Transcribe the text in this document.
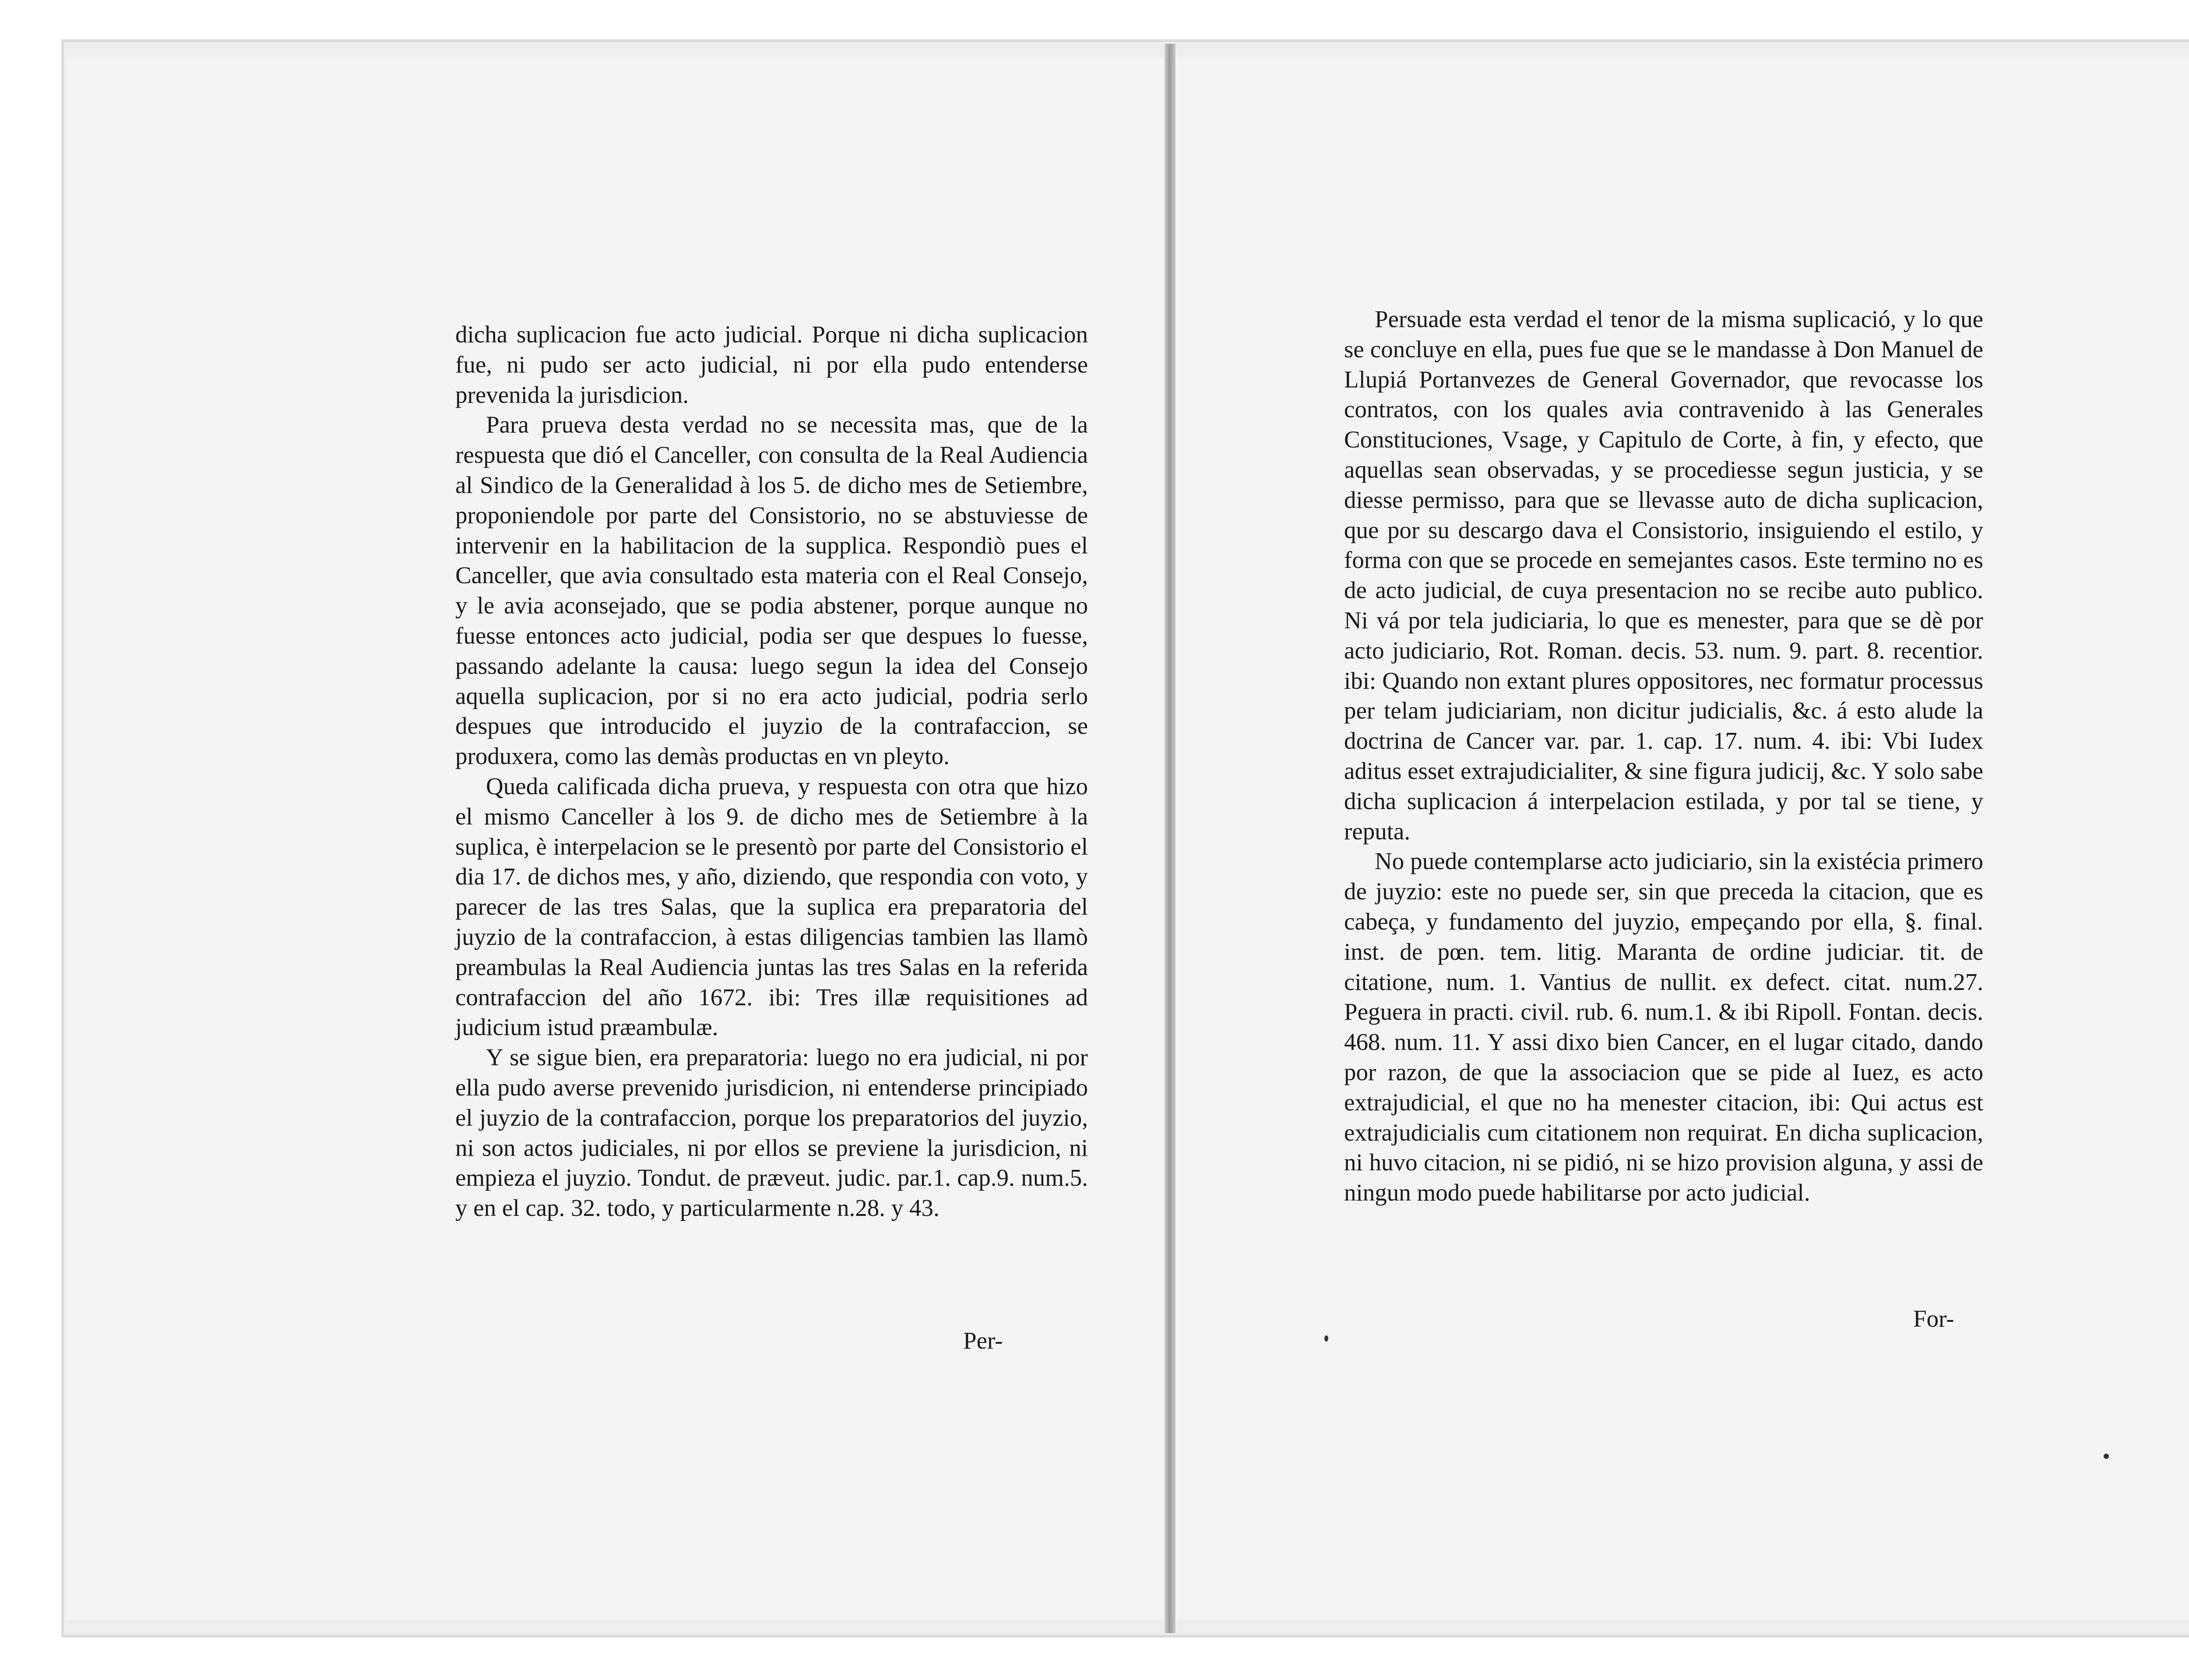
dicha suplicacion fue acto judicial. Porque ni dicha suplicacion fue, ni pudo ser acto judicial, ni por ella pudo entenderse prevenida la jurisdicion.

Para prueva desta verdad no se necessita mas, que de la respuesta que dió el Canceller, con consulta de la Real Audiencia al Sindico de la Generalidad à los 5. de dicho mes de Setiembre, proponiendole por parte del Consistorio, no se abstuviesse de intervenir en la habilitacion de la supplica. Respondiò pues el Canceller, que avia consultado esta materia con el Real Consejo, y le avia aconsejado, que se podia abstener, porque aunque no fuesse entonces acto judicial, podia ser que despues lo fuesse, passando adelante la causa: luego segun la idea del Consejo aquella suplicacion, por si no era acto judicial, podria serlo despues que introducido el juyzio de la contrafaccion, se produxera, como las demàs productas en vn pleyto.

Queda calificada dicha prueva, y respuesta con otra que hizo el mismo Canceller à los 9. de dicho mes de Setiembre à la suplica, è interpelacion se le presentò por parte del Consistorio el dia 17. de dichos mes, y año, diziendo, que respondia con voto, y parecer de las tres Salas, que la suplica era preparatoria del juyzio de la contrafaccion, à estas diligencias tambien las llamò preambulas la Real Audiencia juntas las tres Salas en la referida contrafaccion del año 1672. ibi: Tres illæ requisitiones ad judicium istud præambulæ.

Y se sigue bien, era preparatoria: luego no era judicial, ni por ella pudo averse prevenido jurisdicion, ni entenderse principiado el juyzio de la contrafaccion, porque los preparatorios del juyzio, ni son actos judiciales, ni por ellos se previene la jurisdicion, ni empieza el juyzio. Tondut. de præveut. judic. par.1. cap.9. num.5. y en el cap. 32. todo, y particularmente n.28. y 43.

Per-

Persuade esta verdad el tenor de la misma suplicació, y lo que se concluye en ella, pues fue que se le mandasse à Don Manuel de Llupiá Portanvezes de General Governador, que revocasse los contratos, con los quales avia contravenido à las Generales Constituciones, Vsage, y Capitulo de Corte, à fin, y efecto, que aquellas sean observadas, y se procediesse segun justicia, y se diesse permisso, para que se llevasse auto de dicha suplicacion, que por su descargo dava el Consistorio, insiguiendo el estilo, y forma con que se procede en semejantes casos. Este termino no es de acto judicial, de cuya presentacion no se recibe auto publico. Ni vá por tela judiciaria, lo que es menester, para que se dè por acto judiciario, Rot. Roman. decis. 53. num. 9. part. 8. recentior. ibi: Quando non extant plures oppositores, nec formatur processus per telam judiciariam, non dicitur judicialis, &c. á esto alude la doctrina de Cancer var. par. 1. cap. 17. num. 4. ibi: Vbi Iudex aditus esset extrajudicialiter, & sine figura judicij, &c. Y solo sabe dicha suplicacion á interpelacion estilada, y por tal se tiene, y reputa.

No puede contemplarse acto judiciario, sin la existécia primero de juyzio: este no puede ser, sin que preceda la citacion, que es cabeça, y fundamento del juyzio, empeçando por ella, §. final. inst. de pœn. tem. litig. Maranta de ordine judiciar. tit. de citatione, num. 1. Vantius de nullit. ex defect. citat. num.27. Peguera in practi. civil. rub. 6. num.1. & ibi Ripoll. Fontan. decis. 468. num. 11. Y assi dixo bien Cancer, en el lugar citado, dando por razon, de que la associacion que se pide al Iuez, es acto extrajudicial, el que no ha menester citacion, ibi: Qui actus est extrajudicialis cum citationem non requirat. En dicha suplicacion, ni huvo citacion, ni se pidió, ni se hizo provision alguna, y assi de ningun modo puede habilitarse por acto judicial.

For-
